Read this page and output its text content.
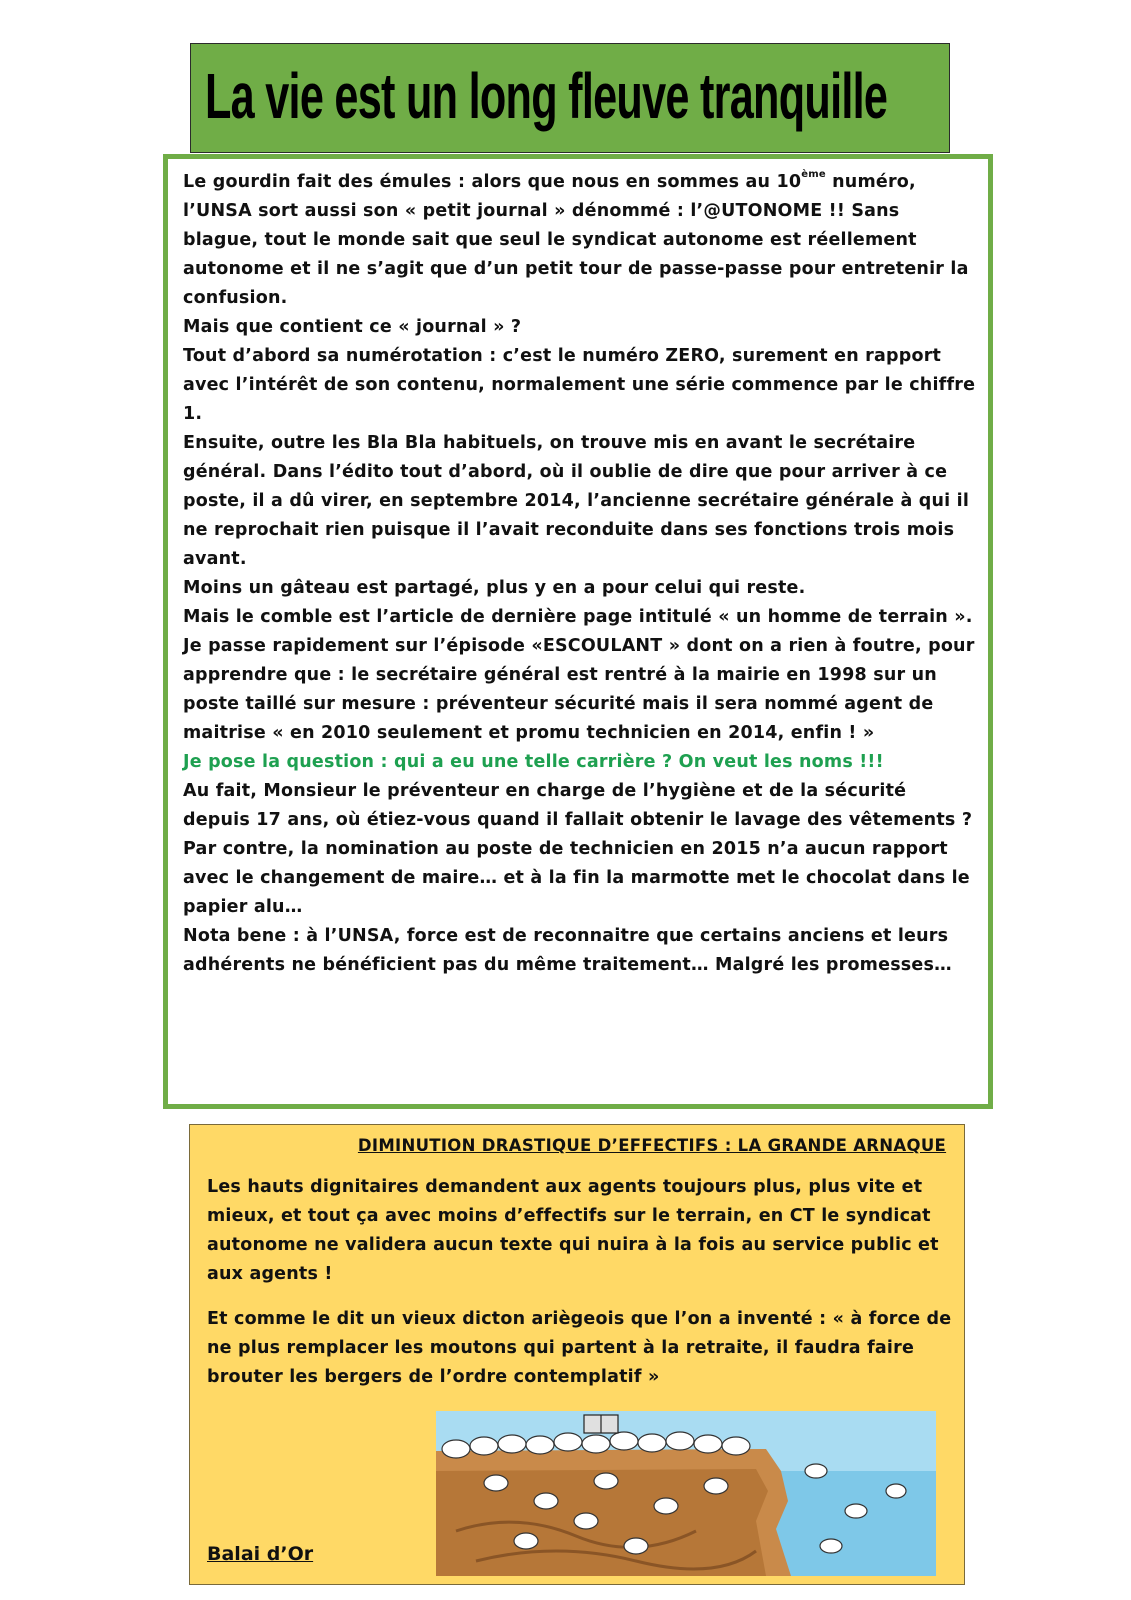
La vie est un long fleuve tranquille

Le gourdin fait des émules : alors que nous en sommes au 10ème numéro, l’UNSA sort aussi son « petit journal » dénommé : l’@UTONOME !! Sans blague, tout le monde sait que seul le syndicat autonome est réellement autonome et il ne s’agit que d’un petit tour de passe-passe pour entretenir la confusion.

Mais que contient ce « journal » ?

Tout d’abord sa numérotation : c’est le numéro ZERO, surement en rapport avec l’intérêt de son contenu, normalement une série commence par le chiffre 1.

Ensuite, outre les Bla Bla habituels, on trouve mis en avant le secrétaire général. Dans l’édito tout d’abord, où il oublie de dire que pour arriver à ce poste, il a dû virer, en septembre 2014, l’ancienne secrétaire générale à qui il ne reprochait rien puisque il l’avait reconduite dans ses fonctions trois mois avant.

Moins un gâteau est partagé, plus y en a pour celui qui reste.

Mais le comble est l’article de dernière page intitulé « un homme de terrain ».

Je passe rapidement sur l’épisode «ESCOULANT » dont on a rien à foutre, pour apprendre que : le secrétaire général est rentré à la mairie en 1998 sur un poste taillé sur mesure : préventeur sécurité mais il sera nommé agent de maitrise « en 2010 seulement et promu technicien en 2014, enfin ! »

Je pose la question : qui a eu une telle carrière ? On veut les noms !!!

Au fait, Monsieur le préventeur en charge de l’hygiène et de la sécurité depuis 17 ans, où étiez-vous quand il fallait obtenir le lavage des vêtements ?

Par contre, la nomination au poste de technicien en 2015 n’a aucun rapport avec le changement de maire… et à la fin la marmotte met le chocolat dans le papier alu…

Nota bene : à l’UNSA, force est de reconnaitre que certains anciens et leurs adhérents ne bénéficient pas du même traitement… Malgré les promesses…

DIMINUTION DRASTIQUE D’EFFECTIFS : LA GRANDE ARNAQUE

Les hauts dignitaires demandent aux agents toujours plus, plus vite et mieux, et tout ça avec moins d’effectifs sur le terrain, en CT le syndicat autonome ne validera aucun texte qui nuira à la fois au service public et aux agents !

Et comme le dit un vieux dicton ariègeois que l’on a inventé : « à force de ne plus remplacer les moutons qui partent à la retraite, il faudra faire brouter les bergers de l’ordre contemplatif »

Balai d’Or
